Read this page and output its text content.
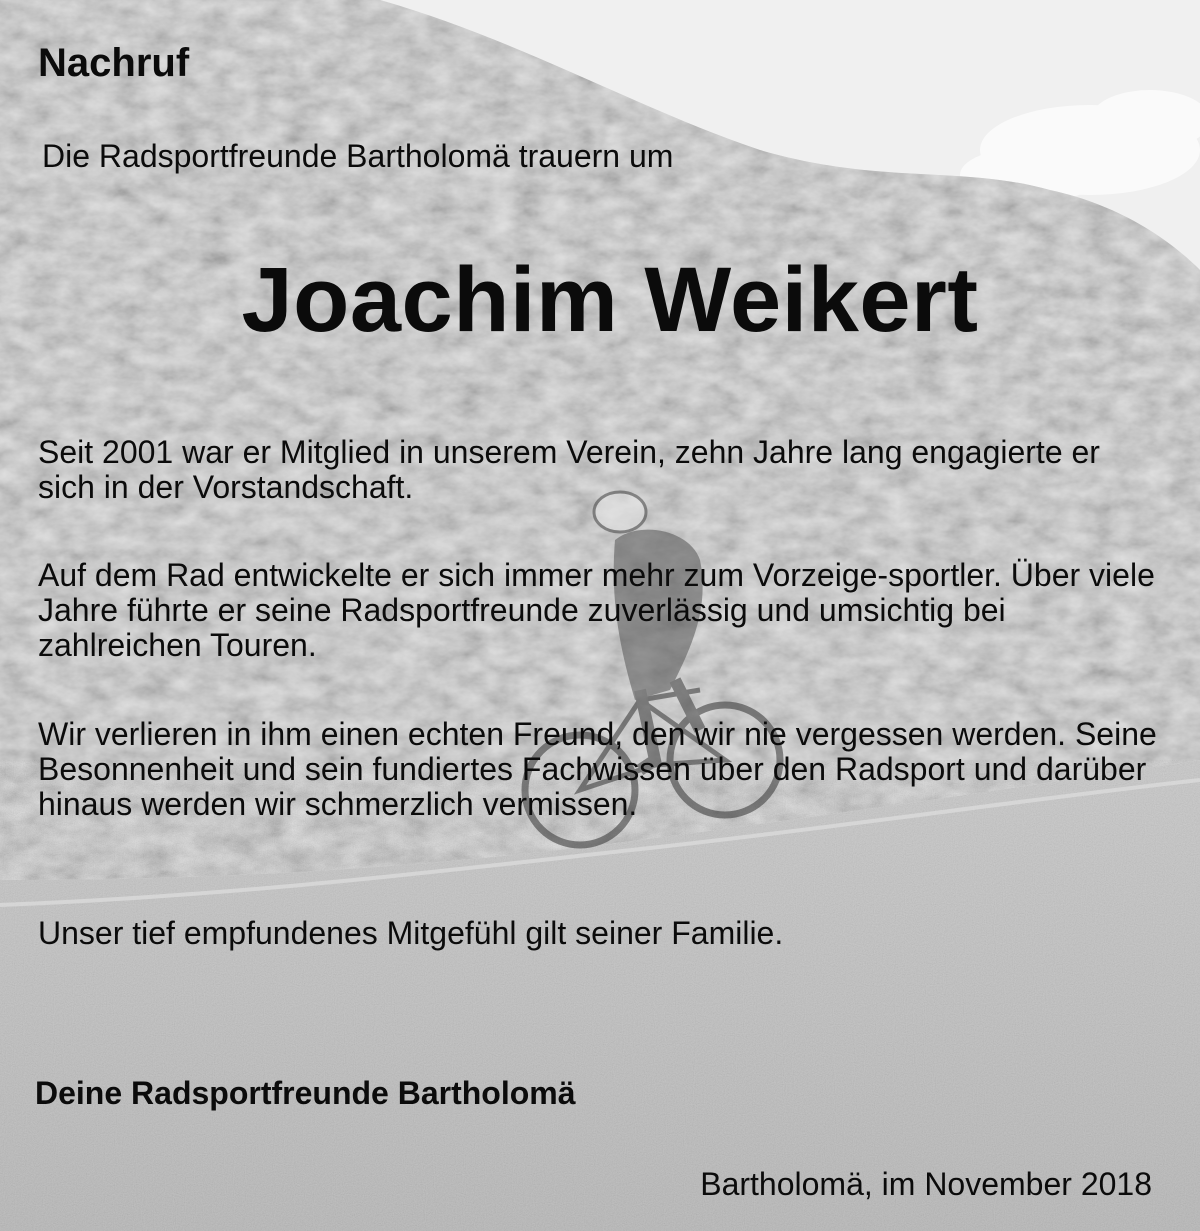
Nachruf

Die Radsportfreunde Bartholomä trauern um

Joachim Weikert

Seit 2001 war er Mitglied in unserem Verein, zehn Jahre lang engagierte er sich in der Vorstandschaft.

Auf dem Rad entwickelte er sich immer mehr zum Vorzeige-sportler. Über viele Jahre führte er seine Radsportfreunde zuverlässig und umsichtig bei zahlreichen Touren.

Wir verlieren in ihm einen echten Freund, den wir nie vergessen werden. Seine Besonnenheit und sein fundiertes Fachwissen über den Radsport und darüber hinaus werden wir schmerzlich vermissen.

Unser tief empfundenes Mitgefühl gilt seiner Familie.

Deine Radsportfreunde Bartholomä

Bartholomä, im November 2018
